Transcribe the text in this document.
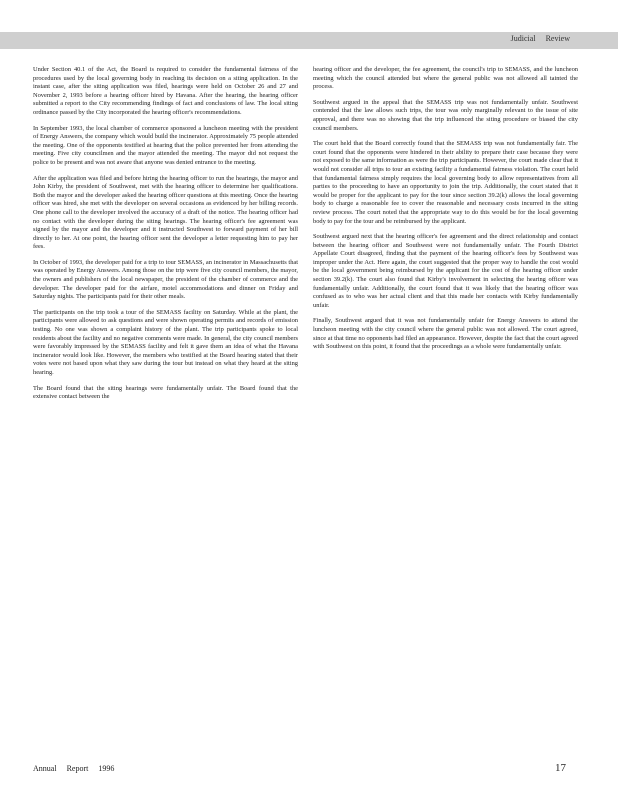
Judicial Review

Under Section 40.1 of the Act, the Board is required to consider the fundamental fairness of the procedures used by the local governing body in reaching its decision on a siting application. In the instant case, after the siting application was filed, hearings were held on October 26 and 27 and November 2, 1993 before a hearing officer hired by Havana. After the hearing, the hearing officer submitted a report to the City recommending findings of fact and conclusions of law. The local siting ordinance passed by the City incorporated the hearing officer's recommendations.

In September 1993, the local chamber of commerce sponsored a luncheon meeting with the president of Energy Answers, the company which would build the incinerator. Approximately 75 people attended the meeting. One of the opponents testified at hearing that the police prevented her from attending the meeting. Five city councilmen and the mayor attended the meeting. The mayor did not request the police to be present and was not aware that anyone was denied entrance to the meeting.

After the application was filed and before hiring the hearing officer to run the hearings, the mayor and John Kirby, the president of Southwest, met with the hearing officer to determine her qualifications. Both the mayor and the developer asked the hearing officer questions at this meeting. Once the hearing officer was hired, she met with the developer on several occasions as evidenced by her billing records. One phone call to the developer involved the accuracy of a draft of the notice. The hearing officer had no contact with the developer during the siting hearings. The hearing officer's fee agreement was signed by the mayor and the developer and it instructed Southwest to forward payment of her bill directly to her. At one point, the hearing officer sent the developer a letter requesting him to pay her fees.

In October of 1993, the developer paid for a trip to tour SEMASS, an incinerator in Massachusetts that was operated by Energy Answers. Among those on the trip were five city council members, the mayor, the owners and publishers of the local newspaper, the president of the chamber of commerce and the developer. The developer paid for the airfare, motel accommodations and dinner on Friday and Saturday nights. The participants paid for their other meals.

The participants on the trip took a tour of the SEMASS facility on Saturday. While at the plant, the participants were allowed to ask questions and were shown operating permits and records of emission testing. No one was shown a complaint history of the plant. The trip participants spoke to local residents about the facility and no negative comments were made. In general, the city council members were favorably impressed by the SEMASS facility and felt it gave them an idea of what the Havana incinerator would look like. However, the members who testified at the Board hearing stated that their votes were not based upon what they saw during the tour but instead on what they heard at the siting hearing.

The Board found that the siting hearings were fundamentally unfair. The Board found that the extensive contact between the

hearing officer and the developer, the fee agreement, the council's trip to SEMASS, and the luncheon meeting which the council attended but where the general public was not allowed all tainted the process.

Southwest argued in the appeal that the SEMASS trip was not fundamentally unfair. Southwest contended that the law allows such trips, the tour was only marginally relevant to the issue of site approval, and there was no showing that the trip influenced the siting procedure or biased the city council members.

The court held that the Board correctly found that the SEMASS trip was not fundamentally fair. The court found that the opponents were hindered in their ability to prepare their case because they were not exposed to the same information as were the trip participants. However, the court made clear that it would not consider all trips to tour an existing facility a fundamental fairness violation. The court held that fundamental fairness simply requires the local governing body to allow representatives from all parties to the proceeding to have an opportunity to join the trip. Additionally, the court stated that it would be proper for the applicant to pay for the tour since section 39.2(k) allows the local governing body to charge a reasonable fee to cover the reasonable and necessary costs incurred in the siting review process. The court noted that the appropriate way to do this would be for the local governing body to pay for the tour and be reimbursed by the applicant.

Southwest argued next that the hearing officer's fee agreement and the direct relationship and contact between the hearing officer and Southwest were not fundamentally unfair. The Fourth District Appellate Court disagreed, finding that the payment of the hearing officer's fees by Southwest was improper under the Act. Here again, the court suggested that the proper way to handle the cost would be the local government being reimbursed by the applicant for the cost of the hearing officer under section 39.2(k). The court also found that Kirby's involvement in selecting the hearing officer was fundamentally unfair. Additionally, the court found that it was likely that the hearing officer was confused as to who was her actual client and that this made her contacts with Kirby fundamentally unfair.

Finally, Southwest argued that it was not fundamentally unfair for Energy Answers to attend the luncheon meeting with the city council where the general public was not allowed. The court agreed, since at that time no opponents had filed an appearance. However, despite the fact that the court agreed with Southwest on this point, it found that the proceedings as a whole were fundamentally unfair.

Annual Report 1996	17
